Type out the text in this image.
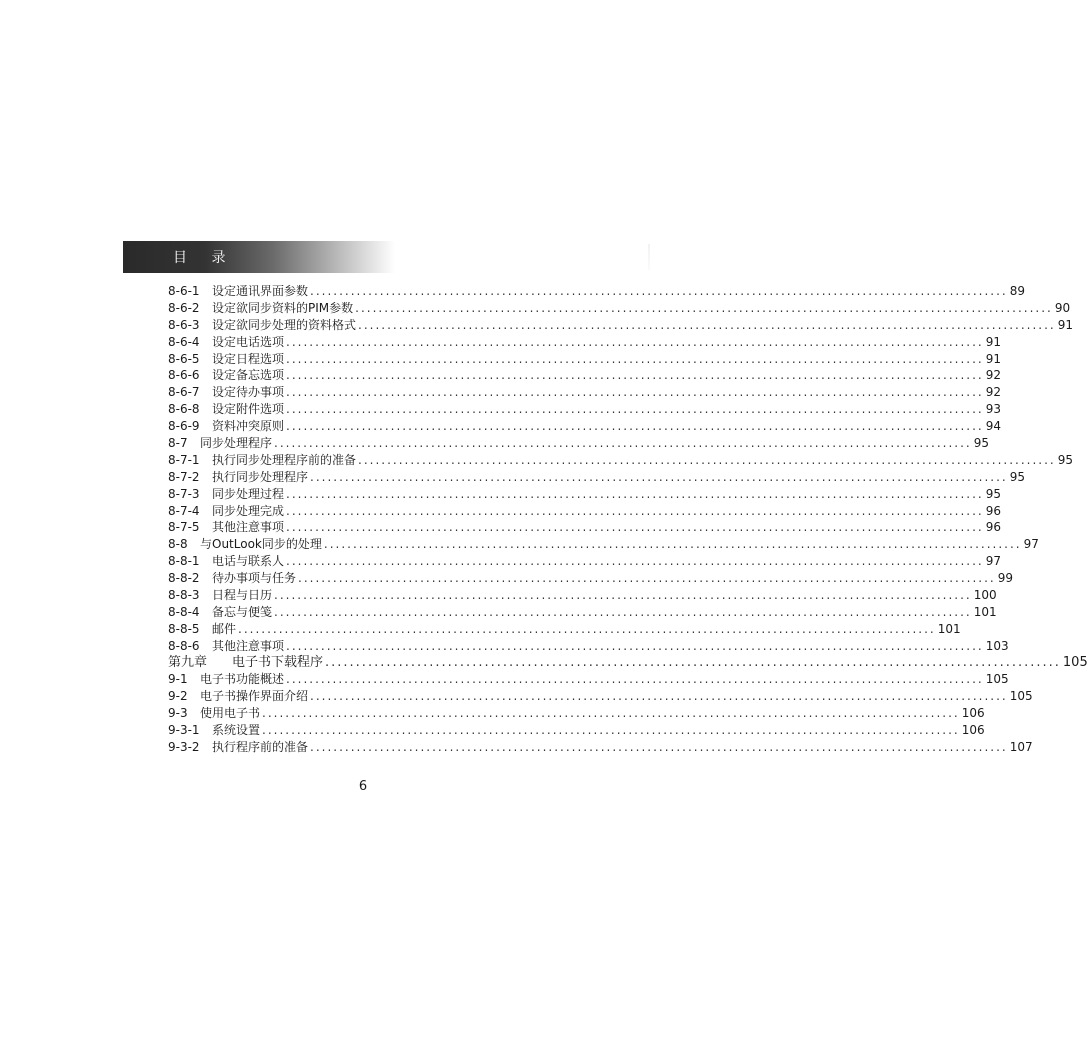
目 录
8-6-1	设定通讯界面参数 ........................................................................................................................ 89
8-6-2	设定欲同步资料的PIM参数 ........................................................................................................................ 90
8-6-3	设定欲同步处理的资料格式 ........................................................................................................................ 91
8-6-4	设定电话选项 ........................................................................................................................ 91
8-6-5	设定日程选项 ........................................................................................................................ 91
8-6-6	设定备忘选项 ........................................................................................................................ 92
8-6-7	设定待办事项 ........................................................................................................................ 92
8-6-8	设定附件选项 ........................................................................................................................ 93
8-6-9	资料冲突原则 ........................................................................................................................ 94
8-7	同步处理程序 ........................................................................................................................ 95
8-7-1	执行同步处理程序前的准备 ........................................................................................................................ 95
8-7-2	执行同步处理程序 ........................................................................................................................ 95
8-7-3	同步处理过程 ........................................................................................................................ 95
8-7-4	同步处理完成 ........................................................................................................................ 96
8-7-5	其他注意事项 ........................................................................................................................ 96
8-8	与OutLook同步的处理 ........................................................................................................................ 97
8-8-1	电话与联系人 ........................................................................................................................ 97
8-8-2	待办事项与任务 ........................................................................................................................ 99
8-8-3	日程与日历 ........................................................................................................................ 100
8-8-4	备忘与便笺 ........................................................................................................................ 101
8-8-5	邮件 ........................................................................................................................ 101
8-8-6	其他注意事项 ........................................................................................................................ 103
第九章	电子书下载程序 ........................................................................................................................ 105
9-1	电子书功能概述 ........................................................................................................................ 105
9-2	电子书操作界面介绍 ........................................................................................................................ 105
9-3	使用电子书 ........................................................................................................................ 106
9-3-1	系统设置 ........................................................................................................................ 106
9-3-2	执行程序前的准备 ........................................................................................................................ 107
6
